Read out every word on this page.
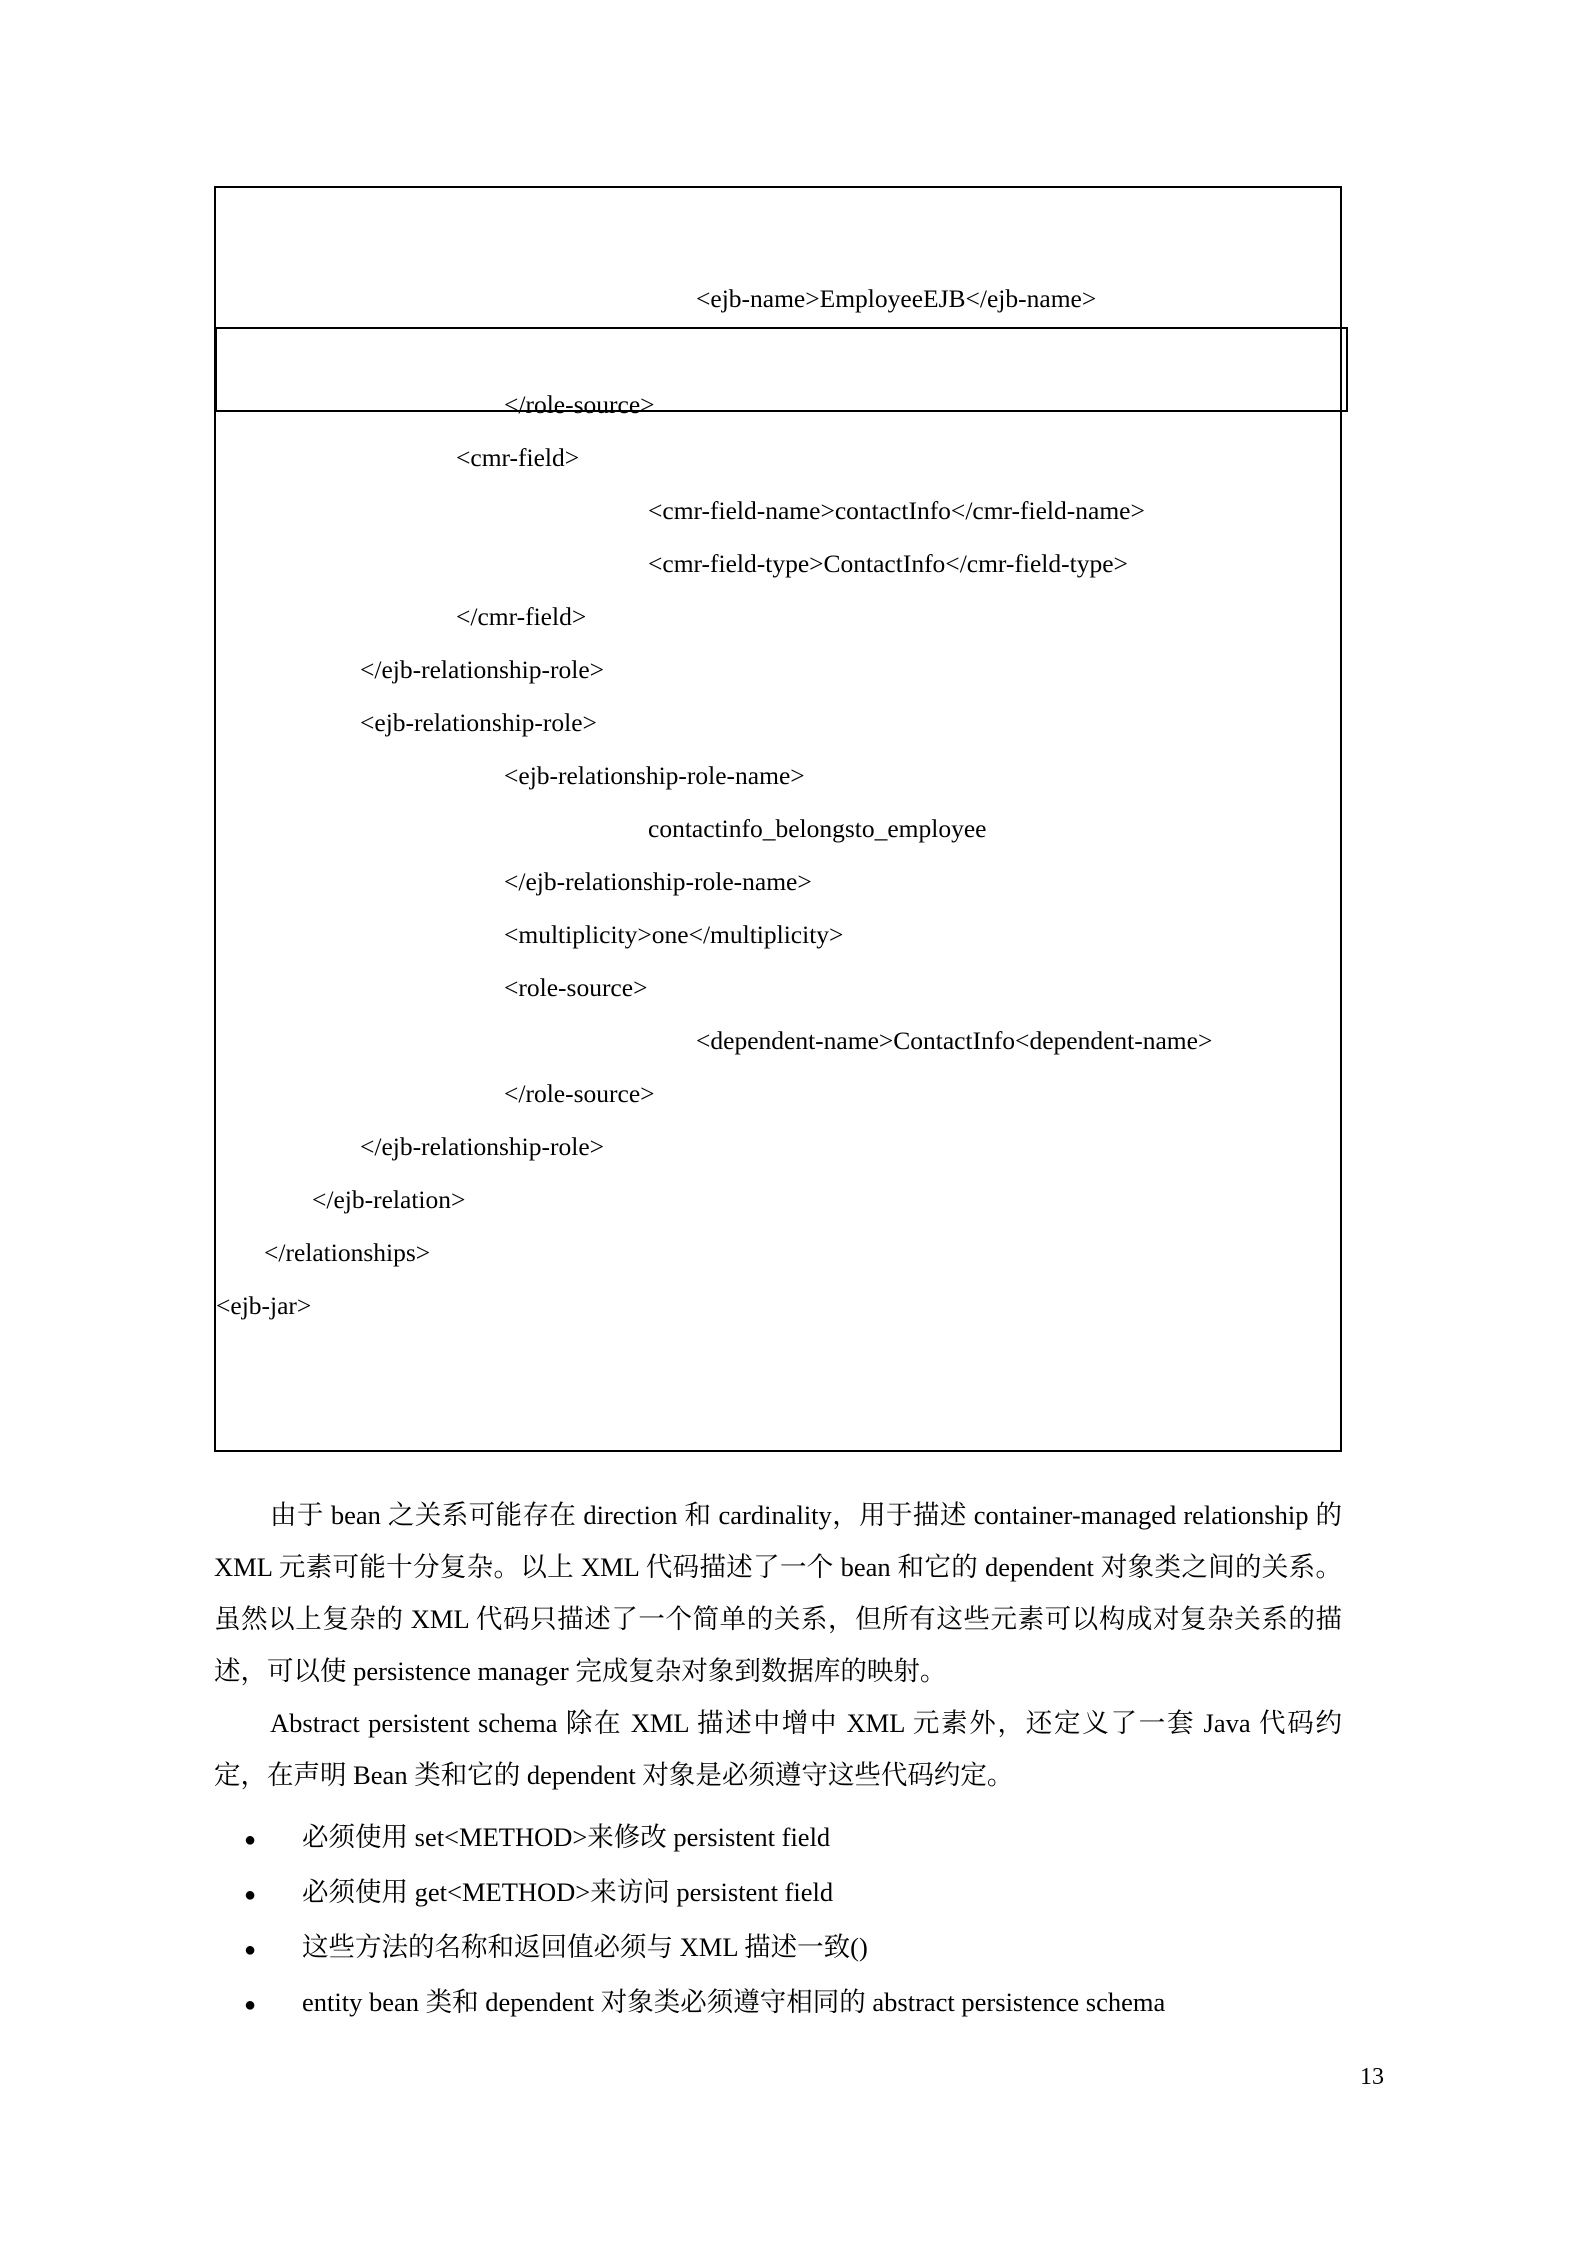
<ejb-name>EmployeeEJB</ejb-name>

</role-source>
<cmr-field>
<cmr-field-name>contactInfo</cmr-field-name>
<cmr-field-type>ContactInfo</cmr-field-type>
</cmr-field>
</ejb-relationship-role>
<ejb-relationship-role>
<ejb-relationship-role-name>
contactinfo_belongsto_employee
</ejb-relationship-role-name>
<multiplicity>one</multiplicity>
<role-source>
<dependent-name>ContactInfo<dependent-name>
</role-source>
</ejb-relationship-role>
</ejb-relation>
</relationships>
<ejb-jar>

由于 bean 之关系可能存在 direction 和 cardinality，用于描述 container-managed relationship 的 XML 元素可能十分复杂。以上 XML 代码描述了一个 bean 和它的 dependent 对象类之间的关系。虽然以上复杂的 XML 代码只描述了一个简单的关系，但所有这些元素可以构成对复杂关系的描述，可以使 persistence manager 完成复杂对象到数据库的映射。

Abstract persistent schema 除在 XML 描述中增中 XML 元素外，还定义了一套 Java 代码约定，在声明 Bean 类和它的 dependent 对象是必须遵守这些代码约定。

●	必须使用 set<METHOD>来修改 persistent field
●	必须使用 get<METHOD>来访问 persistent field
●	这些方法的名称和返回值必须与 XML 描述一致()
●	entity bean 类和 dependent 对象类必须遵守相同的 abstract persistence schema
13
